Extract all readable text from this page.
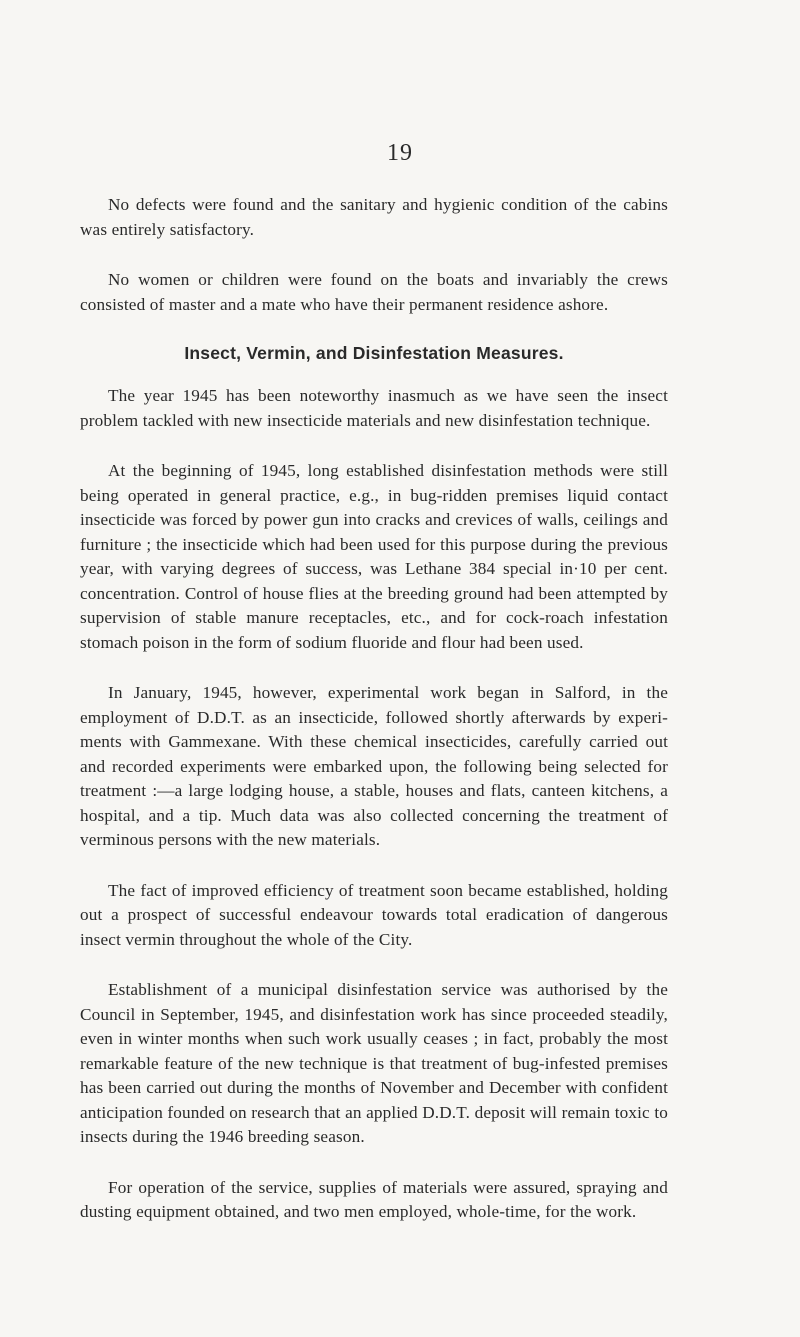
19

No defects were found and the sanitary and hygienic condition of the cabins was entirely satisfactory.

No women or children were found on the boats and invariably the crews consisted of master and a mate who have their permanent residence ashore.

Insect, Vermin, and Disinfestation Measures.

The year 1945 has been noteworthy inasmuch as we have seen the insect problem tackled with new insecticide materials and new disinfestation technique.

At the beginning of 1945, long established disinfestation methods were still being operated in general practice, e.g., in bug-ridden premises liquid contact insecticide was forced by power gun into cracks and crevices of walls, ceilings and furniture ; the insecticide which had been used for this purpose during the previous year, with varying degrees of success, was Lethane 384 special in·10 per cent. concentration. Control of house flies at the breeding ground had been attempted by supervision of stable manure receptacles, etc., and for cock-roach infestation stomach poison in the form of sodium fluoride and flour had been used.

In January, 1945, however, experimental work began in Salford, in the employment of D.D.T. as an insecticide, followed shortly afterwards by experi-ments with Gammexane. With these chemical insecticides, carefully carried out and recorded experiments were embarked upon, the following being selected for treatment :—a large lodging house, a stable, houses and flats, canteen kitchens, a hospital, and a tip. Much data was also collected concerning the treatment of verminous persons with the new materials.

The fact of improved efficiency of treatment soon became established, holding out a prospect of successful endeavour towards total eradication of dangerous insect vermin throughout the whole of the City.

Establishment of a municipal disinfestation service was authorised by the Council in September, 1945, and disinfestation work has since proceeded steadily, even in winter months when such work usually ceases ; in fact, probably the most remarkable feature of the new technique is that treatment of bug-infested premises has been carried out during the months of November and December with confident anticipation founded on research that an applied D.D.T. deposit will remain toxic to insects during the 1946 breeding season.

For operation of the service, supplies of materials were assured, spraying and dusting equipment obtained, and two men employed, whole-time, for the work.
